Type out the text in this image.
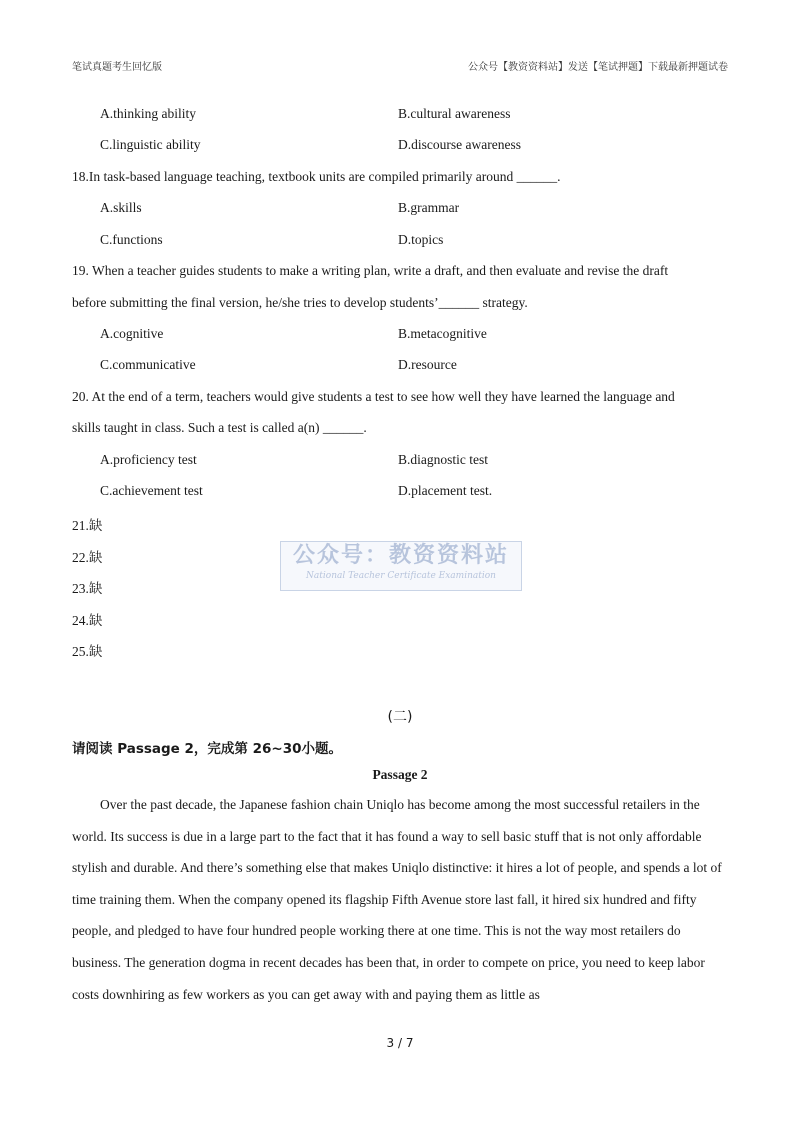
笔试真题考生回忆版	公众号【教资资料站】发送【笔试押题】下载最新押题试卷
A.thinking ability	B.cultural awareness
C.linguistic ability	D.discourse awareness
18.In task-based language teaching, textbook units are compiled primarily around ______.
A.skills	B.grammar
C.functions	D.topics
19. When a teacher guides students to make a writing plan, write a draft, and then evaluate and revise the draft
before submitting the final version, he/she tries to develop students’______ strategy.
A.cognitive	B.metacognitive
C.communicative	D.resource
20. At the end of a term, teachers would give students a test to see how well they have learned the language and
skills taught in class. Such a test is called a(n) ______.
A.proficiency test	B.diagnostic test
C.achievement test	D.placement test.
21.缺
22.缺
23.缺
24.缺
25.缺
公众号：教资资料站
National Teacher Certificate Examination
(二)
请阅读 Passage 2，完成第 26~30小题。
Passage 2
Over the past decade, the Japanese fashion chain Uniqlo has become among the most successful retailers in the world. Its success is due in a large part to the fact that it has found a way to sell basic stuff that is not only affordable stylish and durable. And there’s something else that makes Uniqlo distinctive: it hires a lot of people, and spends a lot of time training them. When the company opened its flagship Fifth Avenue store last fall, it hired six hundred and fifty people, and pledged to have four hundred people working there at one time. This is not the way most retailers do business. The generation dogma in recent decades has been that, in order to compete on price, you need to keep labor costs downhiring as few workers as you can get away with and paying them as little as
3 / 7
